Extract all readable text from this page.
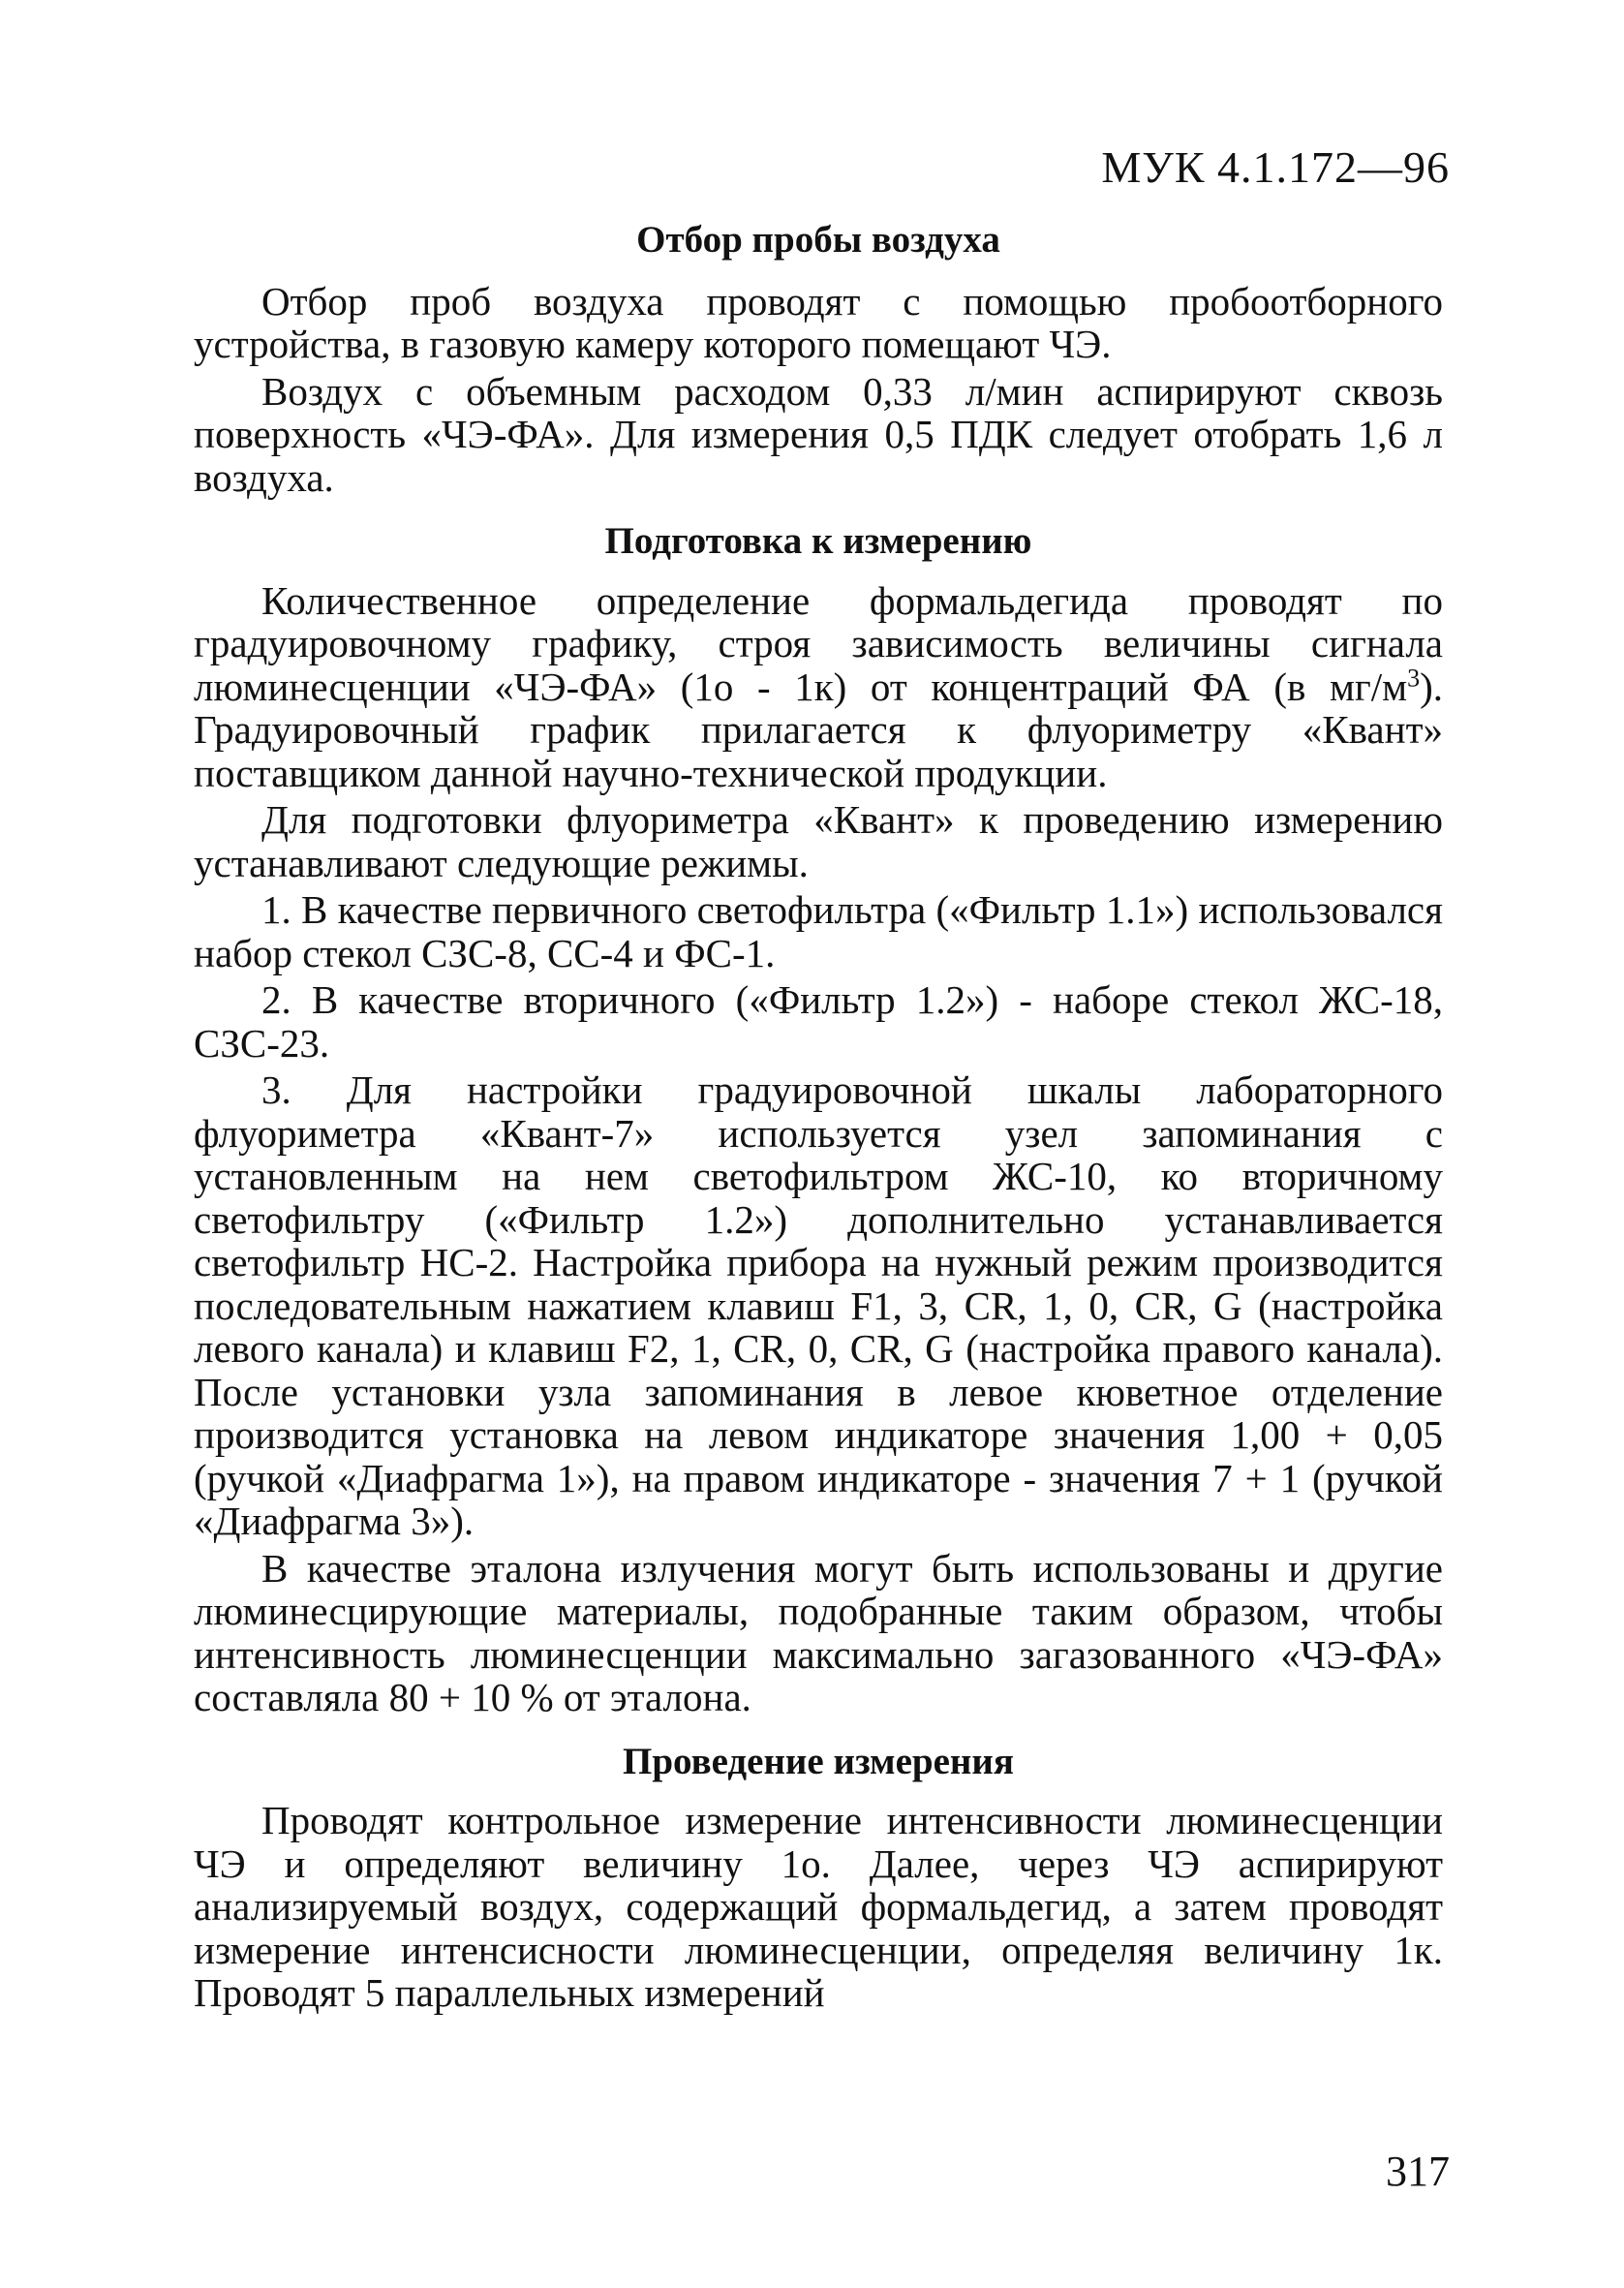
МУК 4.1.172—96
Отбор пробы воздуха

Отбор проб воздуха проводят с помощью пробоотборного устройства, в газовую камеру которого помещают ЧЭ.

Воздух с объемным расходом 0,33 л/мин аспирируют сквозь поверхность «ЧЭ-ФА». Для измерения 0,5 ПДК следует отобрать 1,6 л воздуха.

Подготовка к измерению

Количественное определение формальдегида проводят по градуировочному графику, строя зависимость величины сигнала люминесценции «ЧЭ-ФА» (1о - 1к) от концентраций ФА (в $мг/м^3$). Градуировочный график прилагается к флуориметру «Квант» поставщиком данной научно-технической продукции.

Для подготовки флуориметра «Квант» к проведению измерению устанавливают следующие режимы.

1. В качестве первичного светофильтра («Фильтр 1.1») использовался набор стекол СЗС-8, СС-4 и ФС-1.

2. В качестве вторичного («Фильтр 1.2») - наборе стекол ЖС-18, СЗС-23.

3. Для настройки градуировочной шкалы лабораторного флуориметра «Квант-7» используется узел запоминания с установленным на нем светофильтром ЖС-10, ко вторичному светофильтру («Фильтр 1.2») дополнительно устанавливается светофильтр НС-2. Настройка прибора на нужный режим производится последовательным нажатием клавиш F1, 3, CR, 1, 0, CR, G (настройка левого канала) и клавиш F2, 1, CR, 0, CR, G (настройка правого канала). После установки узла запоминания в левое кюветное отделение производится установка на левом индикаторе значения 1,00 + 0,05 (ручкой «Диафрагма 1»), на правом индикаторе - значения 7 + 1 (ручкой «Диафрагма 3»).

В качестве эталона излучения могут быть использованы и другие люминесцирующие материалы, подобранные таким образом, чтобы интенсивность люминесценции максимально загазованного «ЧЭ-ФА» составляла 80 + 10 % от эталона.

Проведение измерения

Проводят контрольное измерение интенсивности люминесценции ЧЭ и определяют величину 1о. Далее, через ЧЭ аспирируют анализируемый воздух, содержащий формальдегид, а затем проводят измерение интенсисности люминесценции, определяя величину 1к. Проводят 5 параллельных измерений

317
